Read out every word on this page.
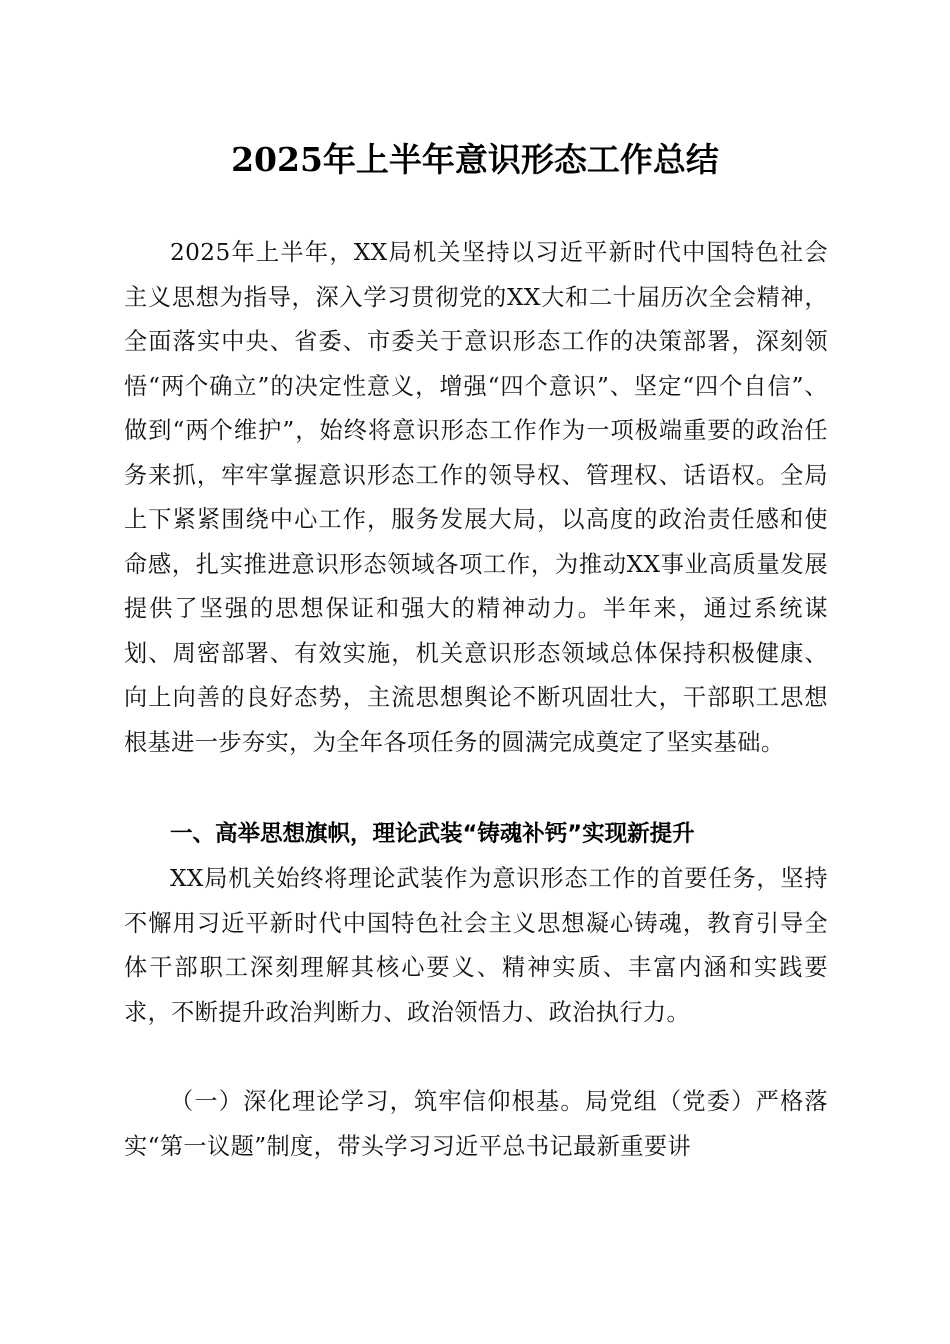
2025年上半年意识形态工作总结

2025年上半年，XX局机关坚持以习近平新时代中国特色社会主义思想为指导，深入学习贯彻党的XX大和二十届历次全会精神，全面落实中央、省委、市委关于意识形态工作的决策部署，深刻领悟“两个确立”的决定性意义，增强“四个意识”、坚定“四个自信”、做到“两个维护”，始终将意识形态工作作为一项极端重要的政治任务来抓，牢牢掌握意识形态工作的领导权、管理权、话语权。全局上下紧紧围绕中心工作，服务发展大局，以高度的政治责任感和使命感，扎实推进意识形态领域各项工作，为推动XX事业高质量发展提供了坚强的思想保证和强大的精神动力。半年来，通过系统谋划、周密部署、有效实施，机关意识形态领域总体保持积极健康、向上向善的良好态势，主流思想舆论不断巩固壮大，干部职工思想根基进一步夯实，为全年各项任务的圆满完成奠定了坚实基础。

一、高举思想旗帜，理论武装“铸魂补钙”实现新提升

XX局机关始终将理论武装作为意识形态工作的首要任务，坚持不懈用习近平新时代中国特色社会主义思想凝心铸魂，教育引导全体干部职工深刻理解其核心要义、精神实质、丰富内涵和实践要求，不断提升政治判断力、政治领悟力、政治执行力。

（一）深化理论学习，筑牢信仰根基。局党组（党委）严格落实“第一议题”制度，带头学习习近平总书记最新重要讲
